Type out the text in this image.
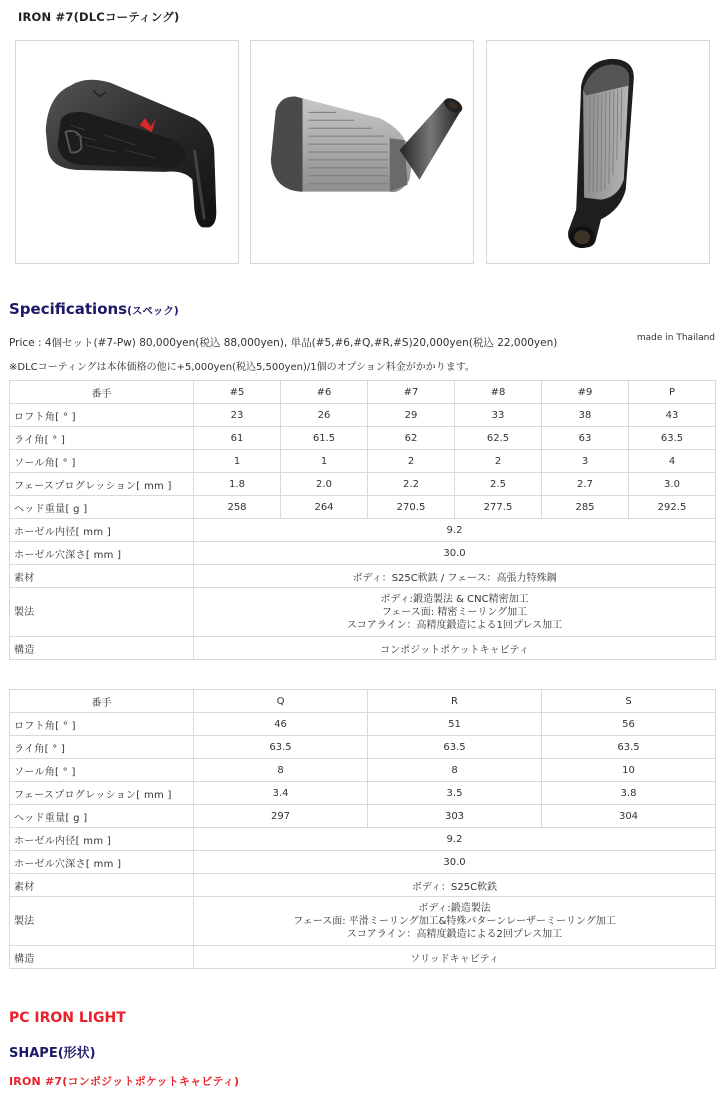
IRON #7(DLCコーティング)
Specifications(スペック)
Price : 4個セット(#7-Pw) 80,000yen(税込 88,000yen), 単品(#5,#6,#Q,#R,#S)20,000yen(税込 22,000yen)	made in Thailand
※DLCコーティングは本体価格の他に+5,000yen(税込5,500yen)/1個のオプション料金がかかります。
番手	#5	#6	#7	#8	#9	P
ロフト角[ ° ]	23	26	29	33	38	43
ライ角[ ° ]	61	61.5	62	62.5	63	63.5
ソール角[ ° ]	1	1	2	2	3	4
フェースプログレッション[ mm ]	1.8	2.0	2.2	2.5	2.7	3.0
ヘッド重量[ g ]	258	264	270.5	277.5	285	292.5
ホーゼル内径[ mm ]	9.2					
ホーゼル穴深さ[ mm ]	30.0					
素材	ボディ：S25C軟鉄 / フェース：高張力特殊鋼					
製法	ボディ:鍛造製法 & CNC精密加工
フェース面: 精密ミーリング加工
スコアライン：高精度鍛造による1回プレス加工					

構造	コンポジットポケットキャビティ					
番手	Q	R	S
ロフト角[ ° ]	46	51	56
ライ角[ ° ]	63.5	63.5	63.5
ソール角[ ° ]	8	8	10
フェースプログレッション[ mm ]	3.4	3.5	3.8
ヘッド重量[ g ]	297	303	304
ホーゼル内径[ mm ]	9.2		
ホーゼル穴深さ[ mm ]	30.0		
素材	ボディ：S25C軟鉄		
製法	ボディ:鍛造製法
フェース面: 平滑ミーリング加工&特殊パターンレーザーミーリング加工
スコアライン：高精度鍛造による2回プレス加工		

構造	ソリッドキャビティ		
PC IRON LIGHT
SHAPE(形状)
IRON #7(コンポジットポケットキャビティ)
